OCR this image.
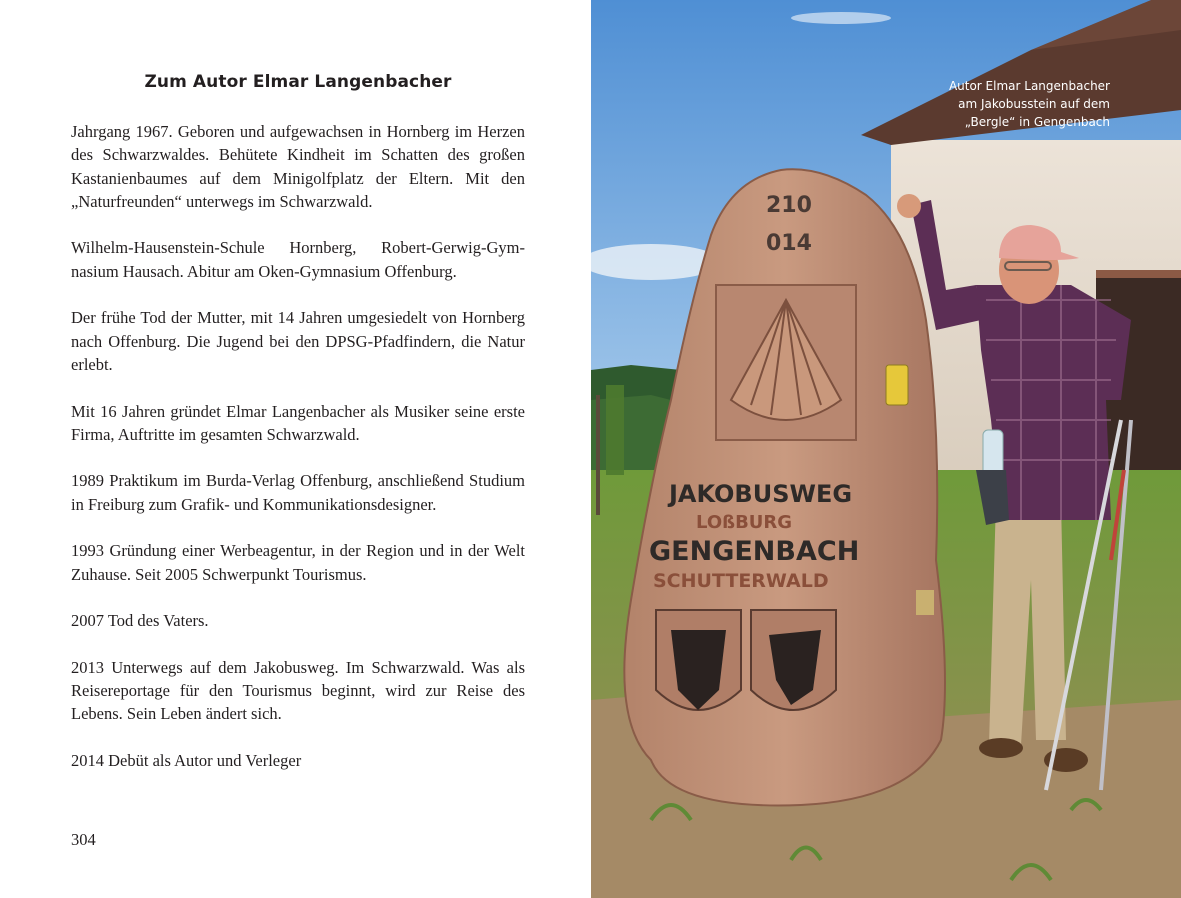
Zum Autor Elmar Langenbacher

Jahrgang 1967. Geboren und aufgewachsen in Hornberg im Herzen des Schwarzwaldes. Behütete Kindheit im Schatten des großen Kastanienbaumes auf dem Minigolfplatz der Eltern. Mit den „Naturfreunden“ unterwegs im Schwarzwald.

Wilhelm-Hausenstein-Schule Hornberg, Robert-Gerwig-Gymnasium Hausach. Abitur am Oken-Gymnasium Offenburg.

Der frühe Tod der Mutter, mit 14 Jahren umgesiedelt von Hornberg nach Offenburg. Die Jugend bei den DPSG-Pfadfindern, die Natur erlebt.

Mit 16 Jahren gründet Elmar Langenbacher als Musiker seine erste Firma, Auftritte im gesamten Schwarzwald.

1989 Praktikum im Burda-Verlag Offenburg, anschließend Studium in Freiburg zum Grafik- und Kommunikationsdesigner.

1993 Gründung einer Werbeagentur, in der Region und in der Welt Zuhause. Seit 2005 Schwerpunkt Tourismus.

2007 Tod des Vaters.

2013 Unterwegs auf dem Jakobusweg. Im Schwarzwald. Was als Reisereportage für den Tourismus beginnt, wird zur Reise des Lebens. Sein Leben ändert sich.

2014 Debüt als Autor und Verleger

304
210
014
JAKOBUSWEG
LOßBURG
GENGENBACH
SCHUTTERWALD
Autor Elmar Langenbacher
am Jakobusstein auf dem
„Bergle“ in Gengenbach
